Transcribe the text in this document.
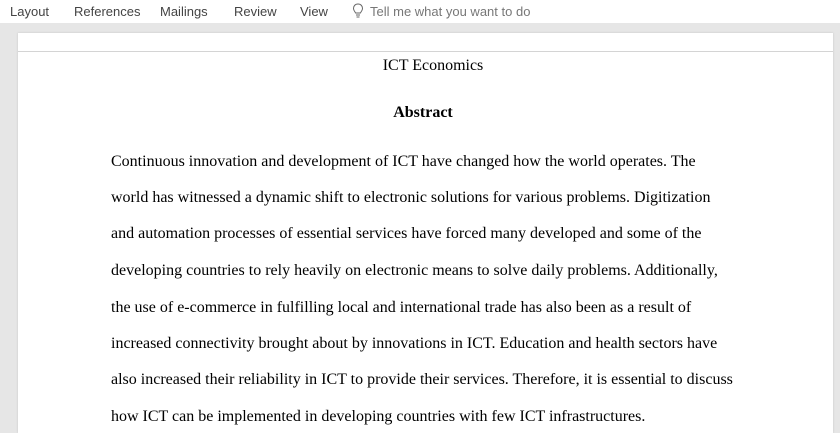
Layout References Mailings Review View	Tell me what you want to do
ICT Economics
Abstract
Continuous innovation and development of ICT have changed how the world operates. The
world has witnessed a dynamic shift to electronic solutions for various problems. Digitization
and automation processes of essential services have forced many developed and some of the
developing countries to rely heavily on electronic means to solve daily problems. Additionally,
the use of e-commerce in fulfilling local and international trade has also been as a result of
increased connectivity brought about by innovations in ICT. Education and health sectors have
also increased their reliability in ICT to provide their services. Therefore, it is essential to discuss
how ICT can be implemented in developing countries with few ICT infrastructures.
